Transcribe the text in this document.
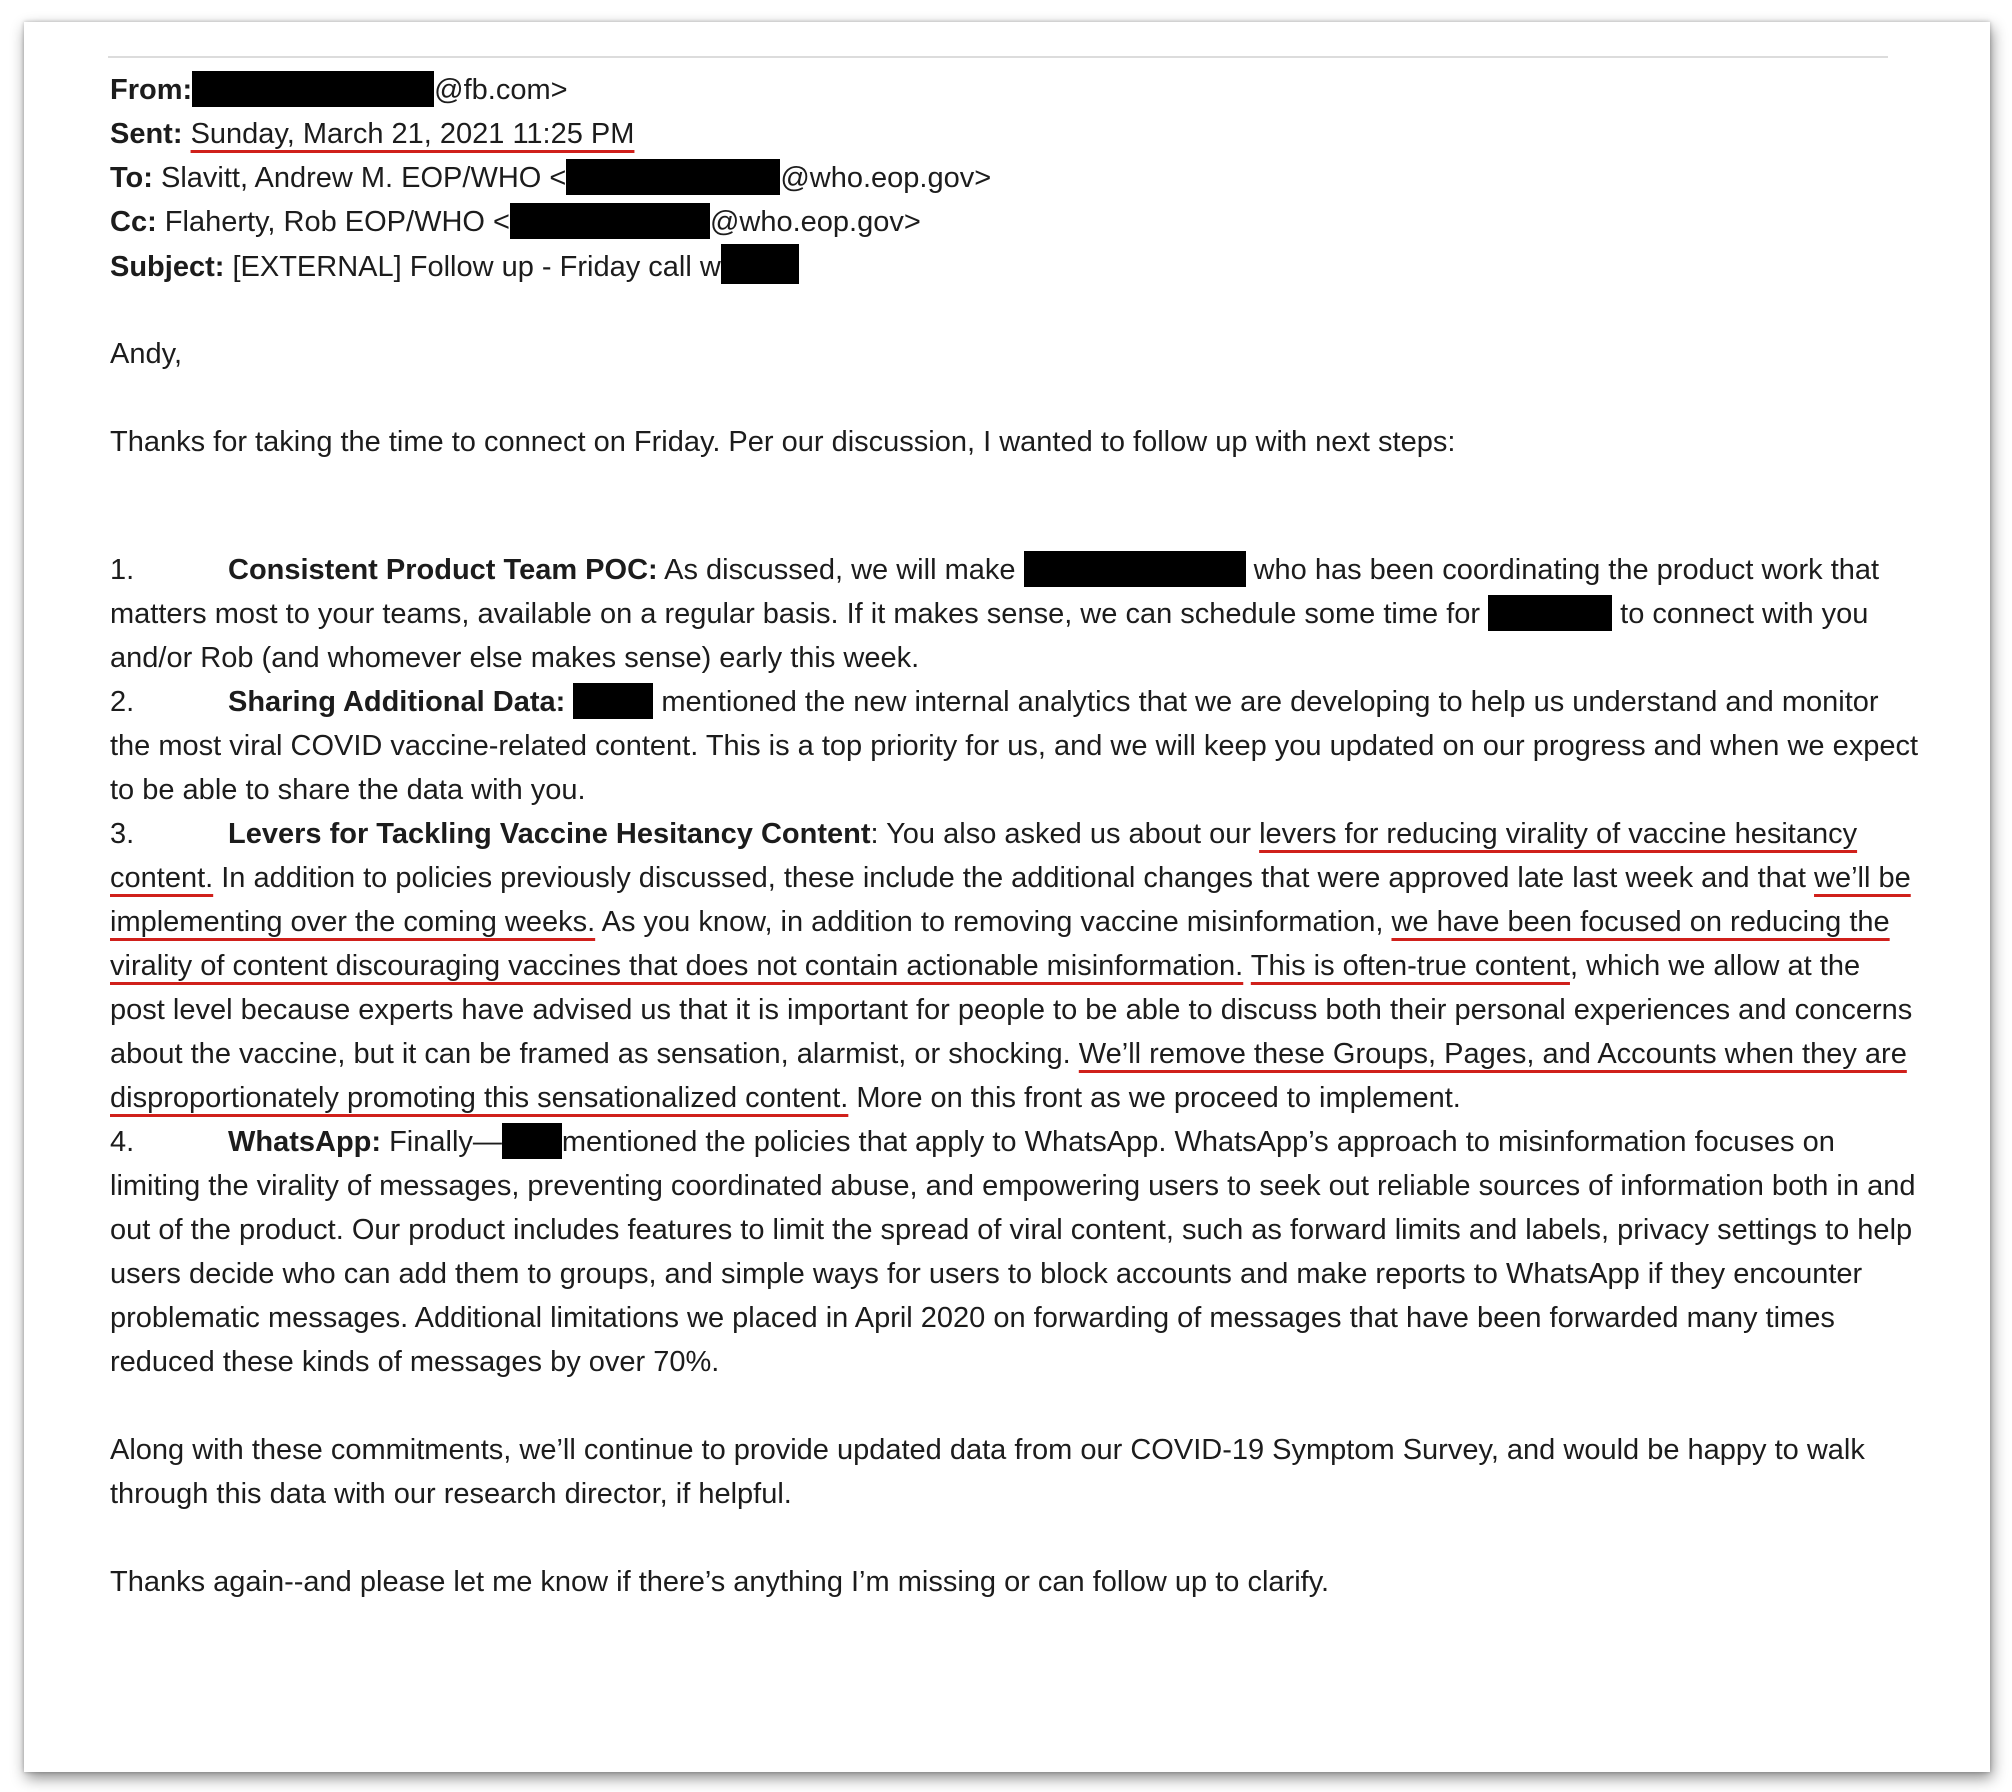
From:	@fb.com>
Sent: Sunday, March 21, 2021 11:25 PM
To: Slavitt, Andrew M. EOP/WHO <	@who.eop.gov>
Cc: Flaherty, Rob EOP/WHO <	@who.eop.gov>
Subject: [EXTERNAL] Follow up - Friday call w

Andy,

Thanks for taking the time to connect on Friday. Per our discussion, I wanted to follow up with next steps:

1.	Consistent Product Team POC: As discussed, we will make	who has been coordinating the product work that matters most to your teams, available on a regular basis. If it makes sense, we can schedule some time for	to connect with you and/or Rob (and whomever else makes sense) early this week.
2.	Sharing Additional Data:	mentioned the new internal analytics that we are developing to help us understand and monitor the most viral COVID vaccine-related content. This is a top priority for us, and we will keep you updated on our progress and when we expect to be able to share the data with you.
3.	Levers for Tackling Vaccine Hesitancy Content: You also asked us about our levers for reducing virality of vaccine hesitancy content. In addition to policies previously discussed, these include the additional changes that were approved late last week and that we’ll be implementing over the coming weeks. As you know, in addition to removing vaccine misinformation, we have been focused on reducing the virality of content discouraging vaccines that does not contain actionable misinformation. This is often-true content, which we allow at the post level because experts have advised us that it is important for people to be able to discuss both their personal experiences and concerns about the vaccine, but it can be framed as sensation, alarmist, or shocking. We’ll remove these Groups, Pages, and Accounts when they are disproportionately promoting this sensationalized content. More on this front as we proceed to implement.
4.	WhatsApp: Finally— mentioned the policies that apply to WhatsApp. WhatsApp’s approach to misinformation focuses on limiting the virality of messages, preventing coordinated abuse, and empowering users to seek out reliable sources of information both in and out of the product. Our product includes features to limit the spread of viral content, such as forward limits and labels, privacy settings to help users decide who can add them to groups, and simple ways for users to block accounts and make reports to WhatsApp if they encounter problematic messages. Additional limitations we placed in April 2020 on forwarding of messages that have been forwarded many times reduced these kinds of messages by over 70%.

Along with these commitments, we’ll continue to provide updated data from our COVID-19 Symptom Survey, and would be happy to walk through this data with our research director, if helpful.

Thanks again--and please let me know if there’s anything I’m missing or can follow up to clarify.
